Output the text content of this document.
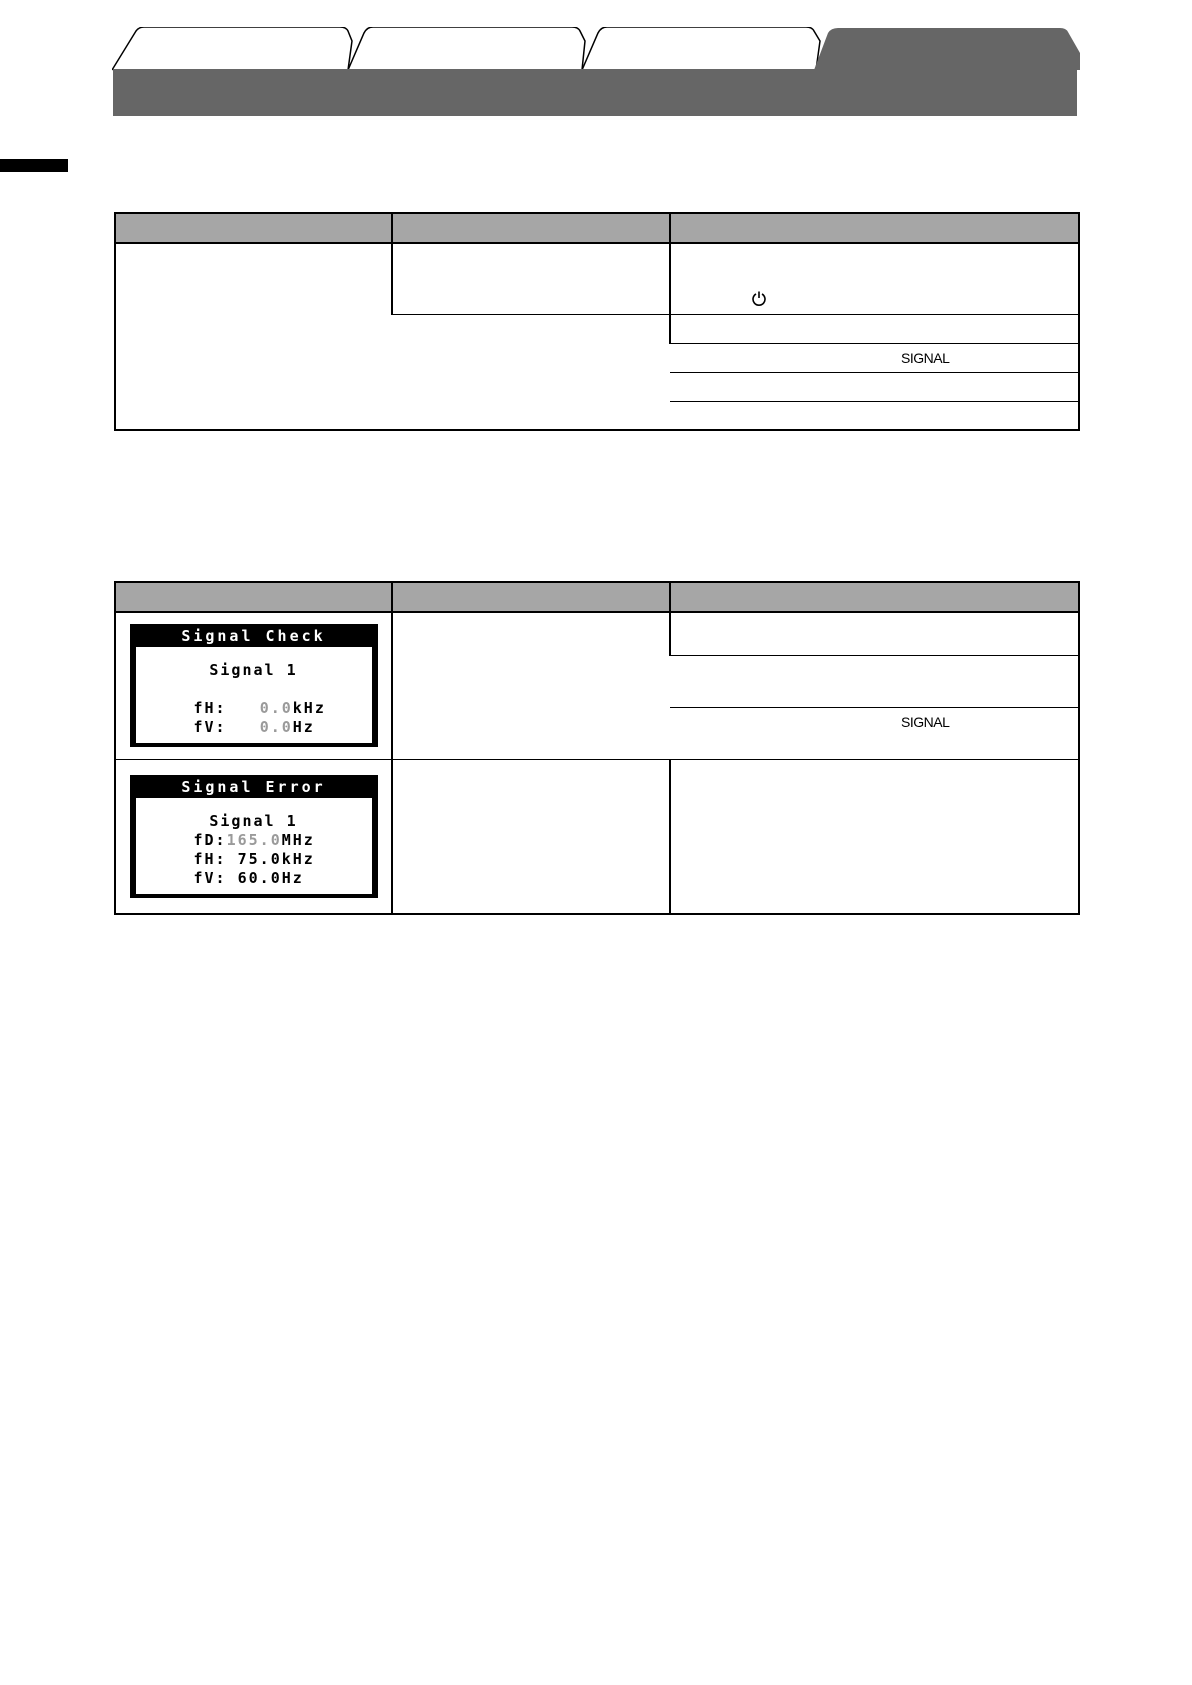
		SIGNAL

Signal Check
Signal 1
fH: 0.0kHz
fV: 0.0Hz		

		SIGNAL

Signal Error
Signal 1
fD:165.0MHz
fH: 75.0kHz
fV: 60.0Hz		
